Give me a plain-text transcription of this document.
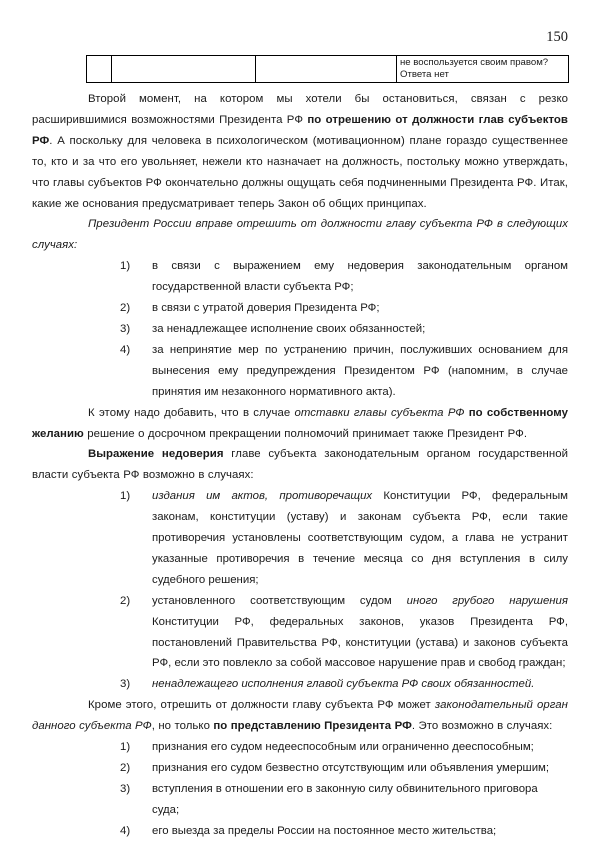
150

не воспользуется своим правом?
Ответа нет

Второй момент, на котором мы хотели бы остановиться, связан с резко расширившимися возможностями Президента РФ по отрешению от должности глав субъектов РФ. А поскольку для человека в психологическом (мотивационном) плане гораздо существеннее то, кто и за что его увольняет, нежели кто назначает на должность, постольку можно утверждать, что главы субъектов РФ окончательно должны ощущать себя подчиненными Президента РФ. Итак, какие же основания предусматривает теперь Закон об общих принципах.

Президент России вправе отрешить от должности главу субъекта РФ в следующих случаях:

1)	в связи с выражением ему недоверия законодательным органом государственной власти субъекта РФ;
2)	в связи с утратой доверия Президента РФ;
3)	за ненадлежащее исполнение своих обязанностей;
4)	за непринятие мер по устранению причин, послуживших основанием для вынесения ему предупреждения Президентом РФ (напомним, в случае принятия им незаконного нормативного акта).

К этому надо добавить, что в случае отставки главы субъекта РФ по собственному желанию решение о досрочном прекращении полномочий принимает также Президент РФ.

Выражение недоверия главе субъекта законодательным органом государственной власти субъекта РФ возможно в случаях:

1)	издания им актов, противоречащих Конституции РФ, федеральным законам, конституции (уставу) и законам субъекта РФ, если такие противоречия установлены соответствующим судом, а глава не устранит указанные противоречия в течение месяца со дня вступления в силу судебного решения;
2)	установленного соответствующим судом иного грубого нарушения Конституции РФ, федеральных законов, указов Президента РФ, постановлений Правительства РФ, конституции (устава) и законов субъекта РФ, если это повлекло за собой массовое нарушение прав и свобод граждан;
3)	ненадлежащего исполнения главой субъекта РФ своих обязанностей.

Кроме этого, отрешить от должности главу субъекта РФ может законодательный орган данного субъекта РФ, но только по представлению Президента РФ. Это возможно в случаях:

1)	признания его судом недееспособным или ограниченно дееспособным;
2)	признания его судом безвестно отсутствующим или объявления умершим;
3)	вступления в отношении его в законную силу обвинительного приговора суда;
4)	его выезда за пределы России на постоянное место жительства;
